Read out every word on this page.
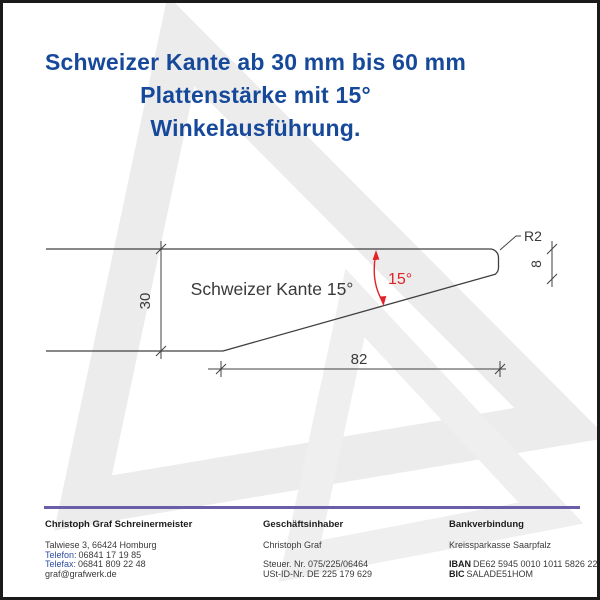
30
82
8
R2
15°
Schweizer Kante 15°
Schweizer Kante ab 30 mm bis 60 mm
Plattenstärke mit 15°
Winkelausführung.
Christoph Graf Schreinermeister
Talwiese 3, 66424 Homburg
Telefon: 06841 17 19 85
Telefax: 06841 809 22 48
graf@grafwerk.de
Geschäftsinhaber
Christoph Graf
Steuer. Nr. 075/225/06464
USt-ID-Nr. DE 225 179 629
Bankverbindung
Kreissparkasse Saarpfalz
IBAN DE62 5945 0010 1011 5826 22
BIC SALADE51HOM
